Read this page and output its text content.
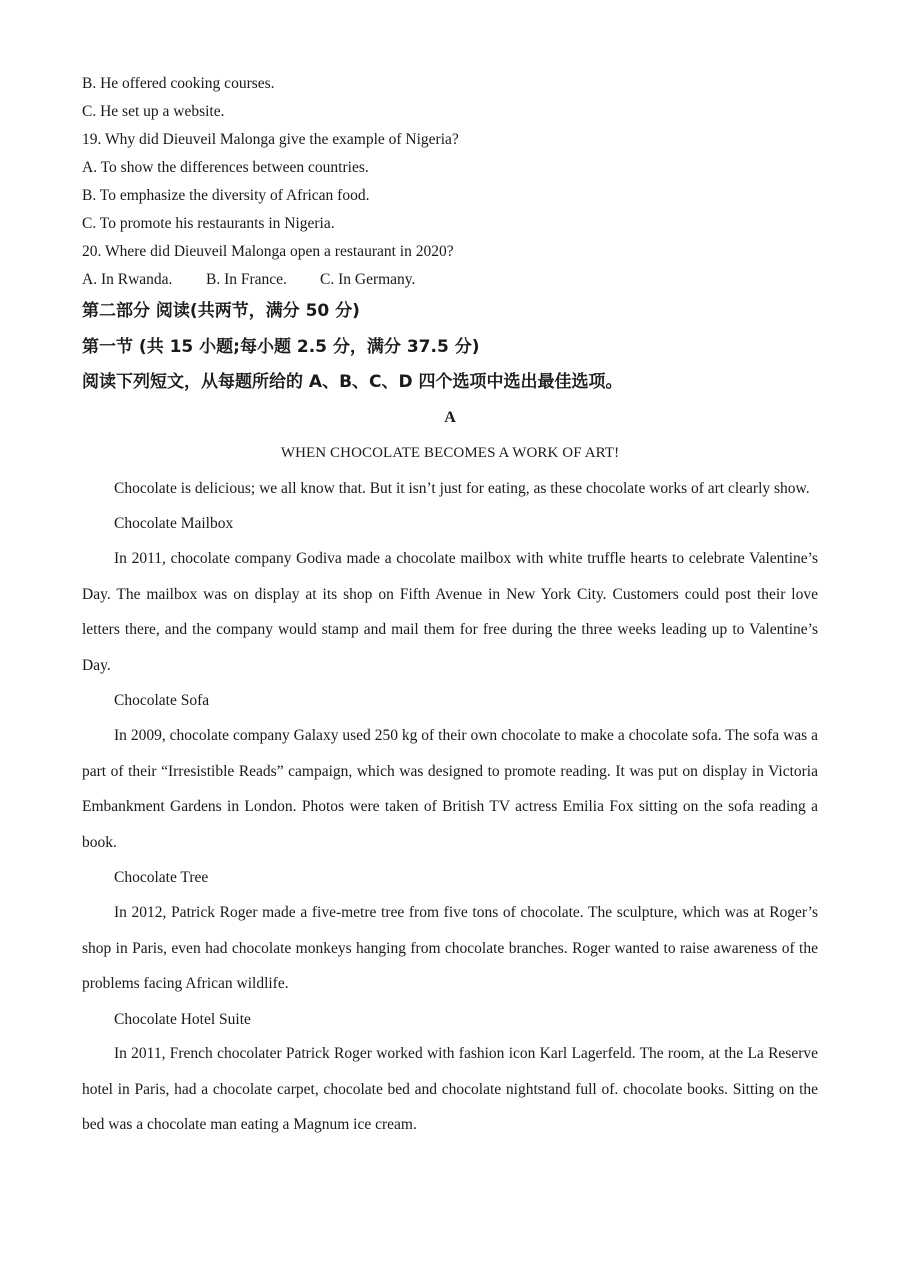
B. He offered cooking courses.
C. He set up a website.
19. Why did Dieuveil Malonga give the example of Nigeria?
A. To show the differences between countries.
B. To emphasize the diversity of African food.
C. To promote his restaurants in Nigeria.
20. Where did Dieuveil Malonga open a restaurant in 2020?
A. In Rwanda. B. In France. C. In Germany.
第二部分 阅读(共两节，满分 50 分)
第一节 (共 15 小题;每小题 2.5 分，满分 37.5 分)
阅读下列短文，从每题所给的 A、B、C、D 四个选项中选出最佳选项。
A
WHEN CHOCOLATE BECOMES A WORK OF ART!
Chocolate is delicious; we all know that. But it isn’t just for eating, as these chocolate works of art clearly show.
Chocolate Mailbox

In 2011, chocolate company Godiva made a chocolate mailbox with white truffle hearts to celebrate Valentine’s Day. The mailbox was on display at its shop on Fifth Avenue in New York City. Customers could post their love letters there, and the company would stamp and mail them for free during the three weeks leading up to Valentine’s Day.

Chocolate Sofa

In 2009, chocolate company Galaxy used 250 kg of their own chocolate to make a chocolate sofa. The sofa was a part of their “Irresistible Reads” campaign, which was designed to promote reading. It was put on display in Victoria Embankment Gardens in London. Photos were taken of British TV actress Emilia Fox sitting on the sofa reading a book.

Chocolate Tree

In 2012, Patrick Roger made a five-metre tree from five tons of chocolate. The sculpture, which was at Roger’s shop in Paris, even had chocolate monkeys hanging from chocolate branches. Roger wanted to raise awareness of the problems facing African wildlife.

Chocolate Hotel Suite

In 2011, French chocolater Patrick Roger worked with fashion icon Karl Lagerfeld. The room, at the La Reserve hotel in Paris, had a chocolate carpet, chocolate bed and chocolate nightstand full of. chocolate books. Sitting on the bed was a chocolate man eating a Magnum ice cream.
